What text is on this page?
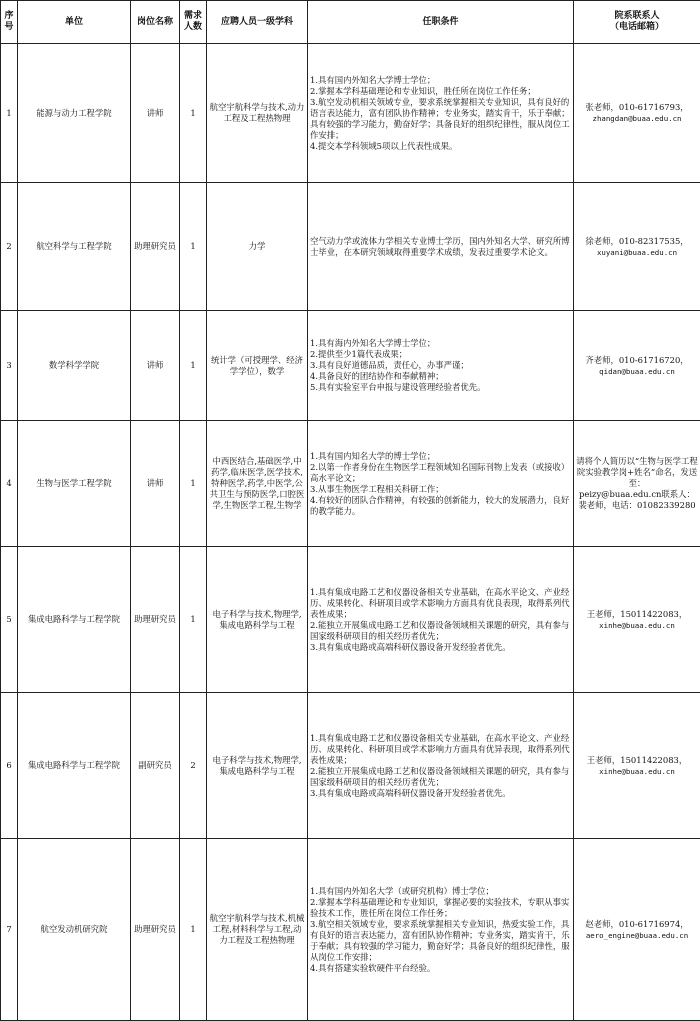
序号	单位	岗位名称	需求人数	应聘人员一级学科	任职条件	院系联系人
（电话邮箱）

1	能源与动力工程学院	讲师	1	航空宇航科学与技术,动力工程及工程热物理	1.具有国内外知名大学博士学位；
2.掌握本学科基础理论和专业知识，胜任所在岗位工作任务；
3.航空发动机相关领域专业，要求系统掌握相关专业知识，具有良好的语言表达能力，富有团队协作精神；专业务实，踏实肯干，乐于奉献；具有较强的学习能力，勤奋好学；具备良好的组织纪律性，服从岗位工作安排；
4.提交本学科领域5项以上代表性成果。	张老师，010-61716793，
zhangdan@buaa.edu.cn

2	航空科学与工程学院	助理研究员	1	力学	空气动力学或流体力学相关专业博士学历，国内外知名大学、研究所博士毕业，在本研究领域取得重要学术成绩，发表过重要学术论文。	徐老师，010-82317535，
xuyani@buaa.edu.cn

3	数学科学学院	讲师	1	统计学（可授理学、经济学学位），数学	1.具有海内外知名大学博士学位；
2.提供至少1篇代表成果；
3.具有良好道德品质，责任心，办事严谨；
4.具备良好的团结协作和奉献精神；
5.具有实验室平台申报与建设管理经验者优先。	齐老师，010-61716720，
qidan@buaa.edu.cn

4	生物与医学工程学院	讲师	1	中西医结合,基础医学,中药学,临床医学,医学技术,特种医学,药学,中医学,公共卫生与预防医学,口腔医学,生物医学工程,生物学	1.具有国内知名大学的博士学位；
2.以第一作者身份在生物医学工程领域知名国际刊物上发表（或接收）高水平论文；
3.从事生物医学工程相关科研工作；
4.有较好的团队合作精神，有较强的创新能力，较大的发展潜力，良好的教学能力。	请将个人简历以“生物与医学工程院实验教学岗+姓名”命名，发送至：
peizy@buaa.edu.cn联系人：裴老师，电话：01082339280

5	集成电路科学与工程学院	助理研究员	1	电子科学与技术,物理学,集成电路科学与工程	1.具有集成电路工艺和仪器设备相关专业基础，在高水平论文、产业经历、成果转化、科研项目或学术影响力方面具有优良表现，取得系列代表性成果；
2.能独立开展集成电路工艺和仪器设备领域相关课题的研究，具有参与国家级科研项目的相关经历者优先；
3.具有集成电路或高端科研仪器设备开发经验者优先。	王老师，15011422083，
xinhe@buaa.edu.cn

6	集成电路科学与工程学院	副研究员	2	电子科学与技术,物理学,集成电路科学与工程	1.具有集成电路工艺和仪器设备相关专业基础，在高水平论文、产业经历、成果转化、科研项目或学术影响力方面具有优异表现，取得系列代表性成果；
2.能独立开展集成电路工艺和仪器设备领域相关课题的研究，具有参与国家级科研项目的相关经历者优先；
3.具有集成电路或高端科研仪器设备开发经验者优先。	王老师，15011422083，
xinhe@buaa.edu.cn

7	航空发动机研究院	助理研究员	1	航空宇航科学与技术,机械工程,材料科学与工程,动力工程及工程热物理	1.具有国内外知名大学（或研究机构）博士学位；
2.掌握本学科基础理论和专业知识，掌握必要的实验技术，专职从事实验技术工作，胜任所在岗位工作任务；
3.航空相关领域专业，要求系统掌握相关专业知识，热爱实验工作，具有良好的语言表达能力，富有团队协作精神；专业务实，踏实肯干，乐于奉献；具有较强的学习能力，勤奋好学；具备良好的组织纪律性，服从岗位工作安排；
4.具有搭建实验软硬件平台经验。	赵老师，010-61716974，
aero_engine@buaa.edu.cn
